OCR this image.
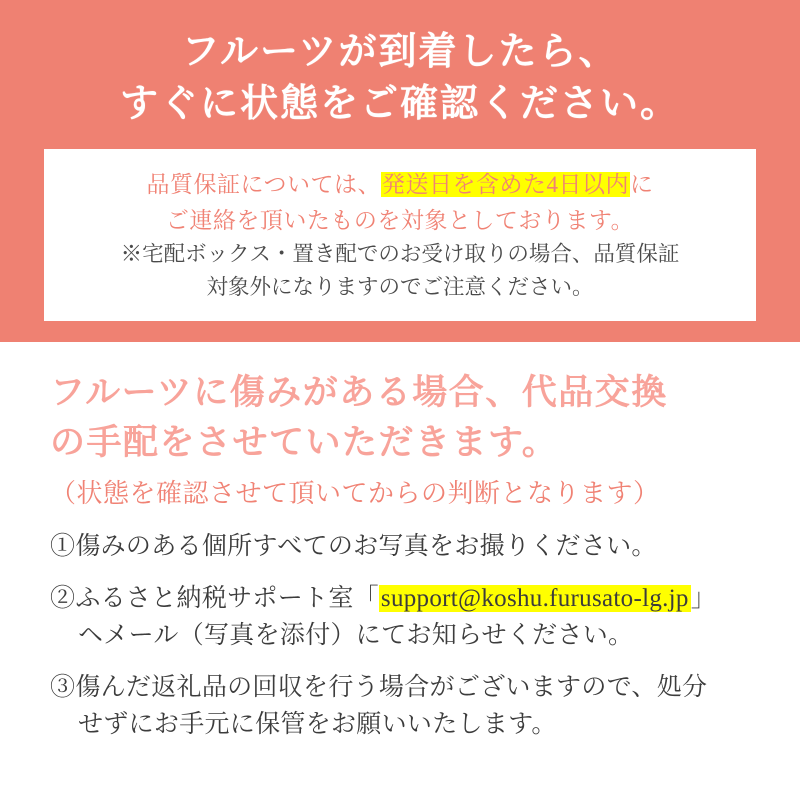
フルーツが到着したら、
すぐに状態をご確認ください。
品質保証については、発送日を含めた4日以内に
ご連絡を頂いたものを対象としております。
※宅配ボックス・置き配でのお受け取りの場合、品質保証
対象外になりますのでご注意ください。
フルーツに傷みがある場合、代品交換
の手配をさせていただきます。
（状態を確認させて頂いてからの判断となります）
①傷みのある個所すべてのお写真をお撮りください。
②ふるさと納税サポート室「support@koshu.furusato-lg.jp」
ヘメール（写真を添付）にてお知らせください。
③傷んだ返礼品の回収を行う場合がございますので、処分
せずにお手元に保管をお願いいたします。
